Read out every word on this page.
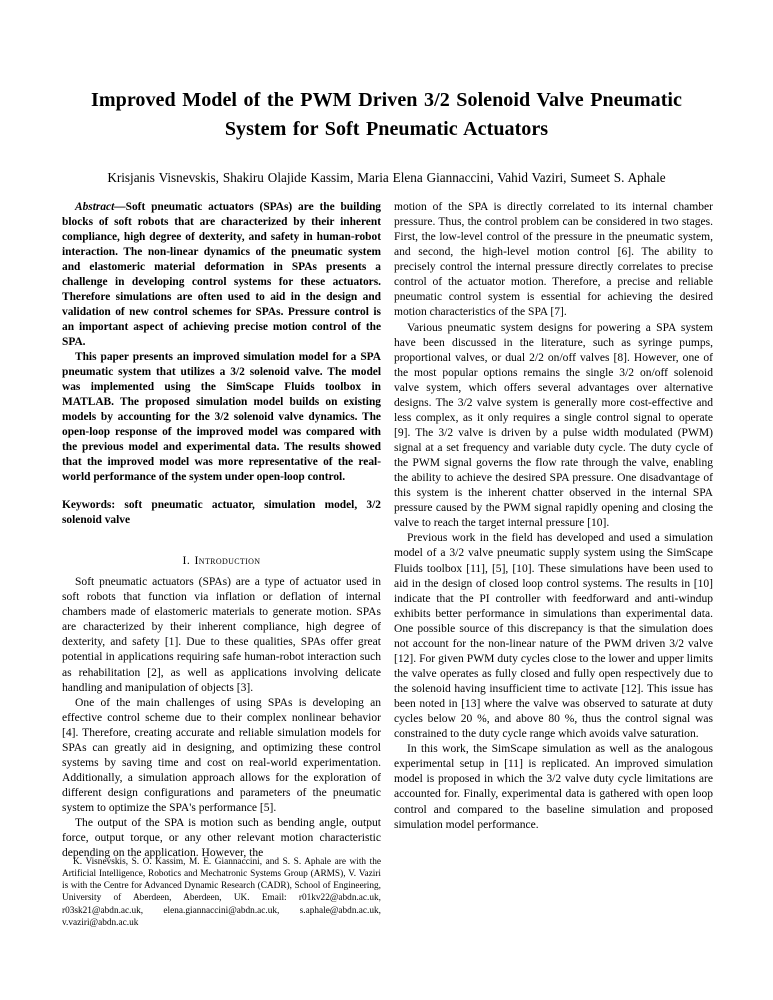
Improved Model of the PWM Driven 3/2 Solenoid Valve Pneumatic System for Soft Pneumatic Actuators
Krisjanis Visnevskis, Shakiru Olajide Kassim, Maria Elena Giannaccini, Vahid Vaziri, Sumeet S. Aphale

Abstract—Soft pneumatic actuators (SPAs) are the building blocks of soft robots that are characterized by their inherent compliance, high degree of dexterity, and safety in human-robot interaction. The non-linear dynamics of the pneumatic system and elastomeric material deformation in SPAs presents a challenge in developing control systems for these actuators. Therefore simulations are often used to aid in the design and validation of new control schemes for SPAs. Pressure control is an important aspect of achieving precise motion control of the SPA.

This paper presents an improved simulation model for a SPA pneumatic system that utilizes a 3/2 solenoid valve. The model was implemented using the SimScape Fluids toolbox in MATLAB. The proposed simulation model builds on existing models by accounting for the 3/2 solenoid valve dynamics. The open-loop response of the improved model was compared with the previous model and experimental data. The results showed that the improved model was more representative of the real-world performance of the system under open-loop control.

Keywords: soft pneumatic actuator, simulation model, 3/2 solenoid valve
I. Introduction

Soft pneumatic actuators (SPAs) are a type of actuator used in soft robots that function via inflation or deflation of internal chambers made of elastomeric materials to generate motion. SPAs are characterized by their inherent compliance, high degree of dexterity, and safety [1]. Due to these qualities, SPAs offer great potential in applications requiring safe human-robot interaction such as rehabilitation [2], as well as applications involving delicate handling and manipulation of objects [3].

One of the main challenges of using SPAs is developing an effective control scheme due to their complex nonlinear behavior [4]. Therefore, creating accurate and reliable simulation models for SPAs can greatly aid in designing, and optimizing these control systems by saving time and cost on real-world experimentation. Additionally, a simulation approach allows for the exploration of different design configurations and parameters of the pneumatic system to optimize the SPA's performance [5].

The output of the SPA is motion such as bending angle, output force, output torque, or any other relevant motion characteristic depending on the application. However, the

motion of the SPA is directly correlated to its internal chamber pressure. Thus, the control problem can be considered in two stages. First, the low-level control of the pressure in the pneumatic system, and second, the high-level motion control [6]. The ability to precisely control the internal pressure directly correlates to precise control of the actuator motion. Therefore, a precise and reliable pneumatic control system is essential for achieving the desired motion characteristics of the SPA [7].

Various pneumatic system designs for powering a SPA system have been discussed in the literature, such as syringe pumps, proportional valves, or dual 2/2 on/off valves [8]. However, one of the most popular options remains the single 3/2 on/off solenoid valve system, which offers several advantages over alternative designs. The 3/2 valve system is generally more cost-effective and less complex, as it only requires a single control signal to operate [9]. The 3/2 valve is driven by a pulse width modulated (PWM) signal at a set frequency and variable duty cycle. The duty cycle of the PWM signal governs the flow rate through the valve, enabling the ability to achieve the desired SPA pressure. One disadvantage of this system is the inherent chatter observed in the internal SPA pressure caused by the PWM signal rapidly opening and closing the valve to reach the target internal pressure [10].

Previous work in the field has developed and used a simulation model of a 3/2 valve pneumatic supply system using the SimScape Fluids toolbox [11], [5], [10]. These simulations have been used to aid in the design of closed loop control systems. The results in [10] indicate that the PI controller with feedforward and anti-windup exhibits better performance in simulations than experimental data. One possible source of this discrepancy is that the simulation does not account for the non-linear nature of the PWM driven 3/2 valve [12]. For given PWM duty cycles close to the lower and upper limits the valve operates as fully closed and fully open respectively due to the solenoid having insufficient time to activate [12]. This issue has been noted in [13] where the valve was observed to saturate at duty cycles below 20 %, and above 80 %, thus the control signal was constrained to the duty cycle range which avoids valve saturation.

In this work, the SimScape simulation as well as the analogous experimental setup in [11] is replicated. An improved simulation model is proposed in which the 3/2 valve duty cycle limitations are accounted for. Finally, experimental data is gathered with open loop control and compared to the baseline simulation and proposed simulation model performance.

K. Visnevskis, S. O. Kassim, M. E. Giannaccini, and S. S. Aphale are with the Artificial Intelligence, Robotics and Mechatronic Systems Group (ARMS), V. Vaziri is with the Centre for Advanced Dynamic Research (CADR), School of Engineering, University of Aberdeen, Aberdeen, UK. Email: r01kv22@abdn.ac.uk, r03sk21@abdn.ac.uk, elena.giannaccini@abdn.ac.uk, s.aphale@abdn.ac.uk, v.vaziri@abdn.ac.uk
